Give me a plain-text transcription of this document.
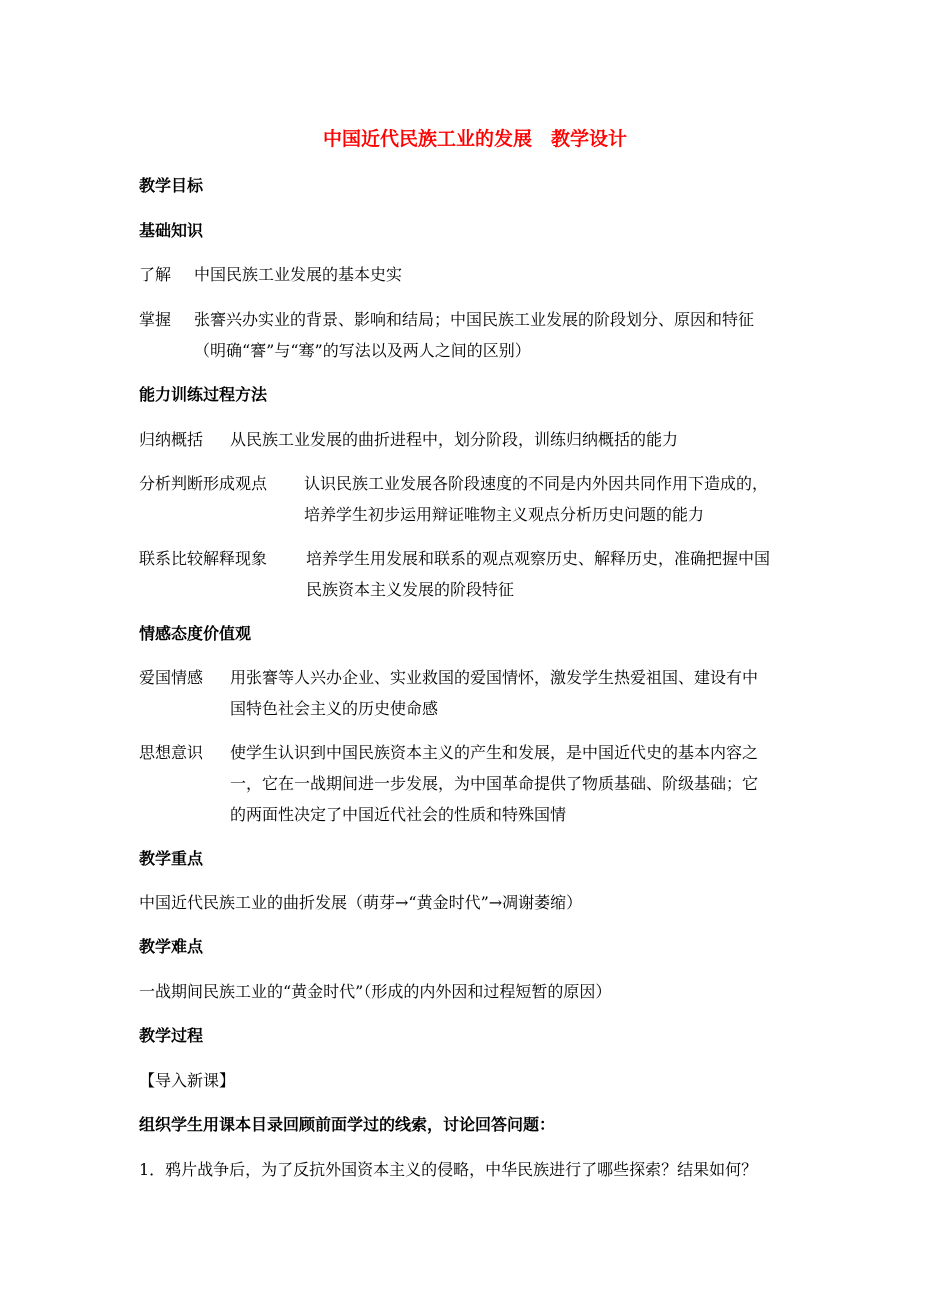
中国近代民族工业的发展　教学设计
教学目标
基础知识
了解 中国民族工业发展的基本史实
掌握 张謇兴办实业的背景、影响和结局；中国民族工业发展的阶段划分、原因和特征
（明确“謇”与“骞”的写法以及两人之间的区别）
能力训练过程方法
归纳概括 从民族工业发展的曲折进程中，划分阶段，训练归纳概括的能力
分析判断形成观点 认识民族工业发展各阶段速度的不同是内外因共同作用下造成的，
培养学生初步运用辩证唯物主义观点分析历史问题的能力
联系比较解释现象 培养学生用发展和联系的观点观察历史、解释历史，准确把握中国
民族资本主义发展的阶段特征
情感态度价值观
爱国情感 用张謇等人兴办企业、实业救国的爱国情怀，激发学生热爱祖国、建设有中
国特色社会主义的历史使命感
思想意识 使学生认识到中国民族资本主义的产生和发展，是中国近代史的基本内容之
一，它在一战期间进一步发展，为中国革命提供了物质基础、阶级基础；它
的两面性决定了中国近代社会的性质和特殊国情
教学重点
中国近代民族工业的曲折发展（萌芽→“黄金时代”→凋谢萎缩）
教学难点
一战期间民族工业的“黄金时代”（形成的内外因和过程短暂的原因）
教学过程
【导入新课】
组织学生用课本目录回顾前面学过的线索，讨论回答问题：
1．鸦片战争后，为了反抗外国资本主义的侵略，中华民族进行了哪些探索？结果如何？
